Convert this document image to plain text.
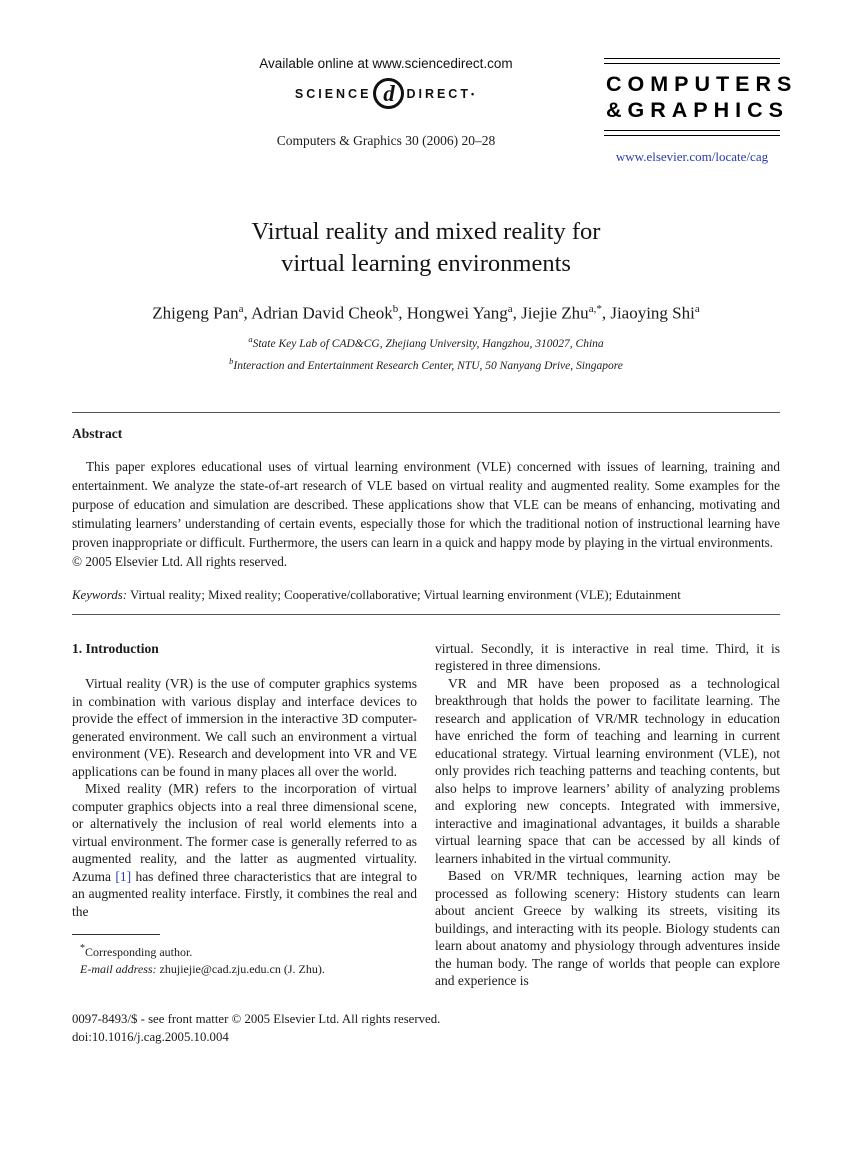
Available online at www.sciencedirect.com
SCIENCE d DIRECT •
Computers & Graphics 30 (2006) 20–28
COMPUTERS
&GRAPHICS
www.elsevier.com/locate/cag
Virtual reality and mixed reality for
virtual learning environments
Zhigeng Pan$^a$, Adrian David Cheok$^b$, Hongwei Yang$^a$, Jiejie Zhu$^{a,*}$, Jiaoying Shi$^a$
$^a$State Key Lab of CAD&CG, Zhejiang University, Hangzhou, 310027, China
$^b$Interaction and Entertainment Research Center, NTU, 50 Nanyang Drive, Singapore
Abstract
This paper explores educational uses of virtual learning environment (VLE) concerned with issues of learning, training and entertainment. We analyze the state-of-art research of VLE based on virtual reality and augmented reality. Some examples for the purpose of education and simulation are described. These applications show that VLE can be means of enhancing, motivating and stimulating learners’ understanding of certain events, especially those for which the traditional notion of instructional learning have proven inappropriate or difficult. Furthermore, the users can learn in a quick and happy mode by playing in the virtual environments.
© 2005 Elsevier Ltd. All rights reserved.
Keywords: Virtual reality; Mixed reality; Cooperative/collaborative; Virtual learning environment (VLE); Edutainment
1. Introduction

Virtual reality (VR) is the use of computer graphics systems in combination with various display and interface devices to provide the effect of immersion in the interactive 3D computer-generated environment. We call such an environment a virtual environment (VE). Research and development into VR and VE applications can be found in many places all over the world.

Mixed reality (MR) refers to the incorporation of virtual computer graphics objects into a real three dimensional scene, or alternatively the inclusion of real world elements into a virtual environment. The former case is generally referred to as augmented reality, and the latter as augmented virtuality. Azuma [1] has defined three characteristics that are integral to an augmented reality interface. Firstly, it combines the real and the

*Corresponding author.
E-mail address: zhujiejie@cad.zju.edu.cn (J. Zhu).

virtual. Secondly, it is interactive in real time. Third, it is registered in three dimensions.

VR and MR have been proposed as a technological breakthrough that holds the power to facilitate learning. The research and application of VR/MR technology in education have enriched the form of teaching and learning in current educational strategy. Virtual learning environment (VLE), not only provides rich teaching patterns and teaching contents, but also helps to improve learners’ ability of analyzing problems and exploring new concepts. Integrated with immersive, interactive and imaginational advantages, it builds a sharable virtual learning space that can be accessed by all kinds of learners inhabited in the virtual community.

Based on VR/MR techniques, learning action may be processed as following scenery: History students can learn about ancient Greece by walking its streets, visiting its buildings, and interacting with its people. Biology students can learn about anatomy and physiology through adventures inside the human body. The range of worlds that people can explore and experience is

0097-8493/$ - see front matter © 2005 Elsevier Ltd. All rights reserved.
doi:10.1016/j.cag.2005.10.004
